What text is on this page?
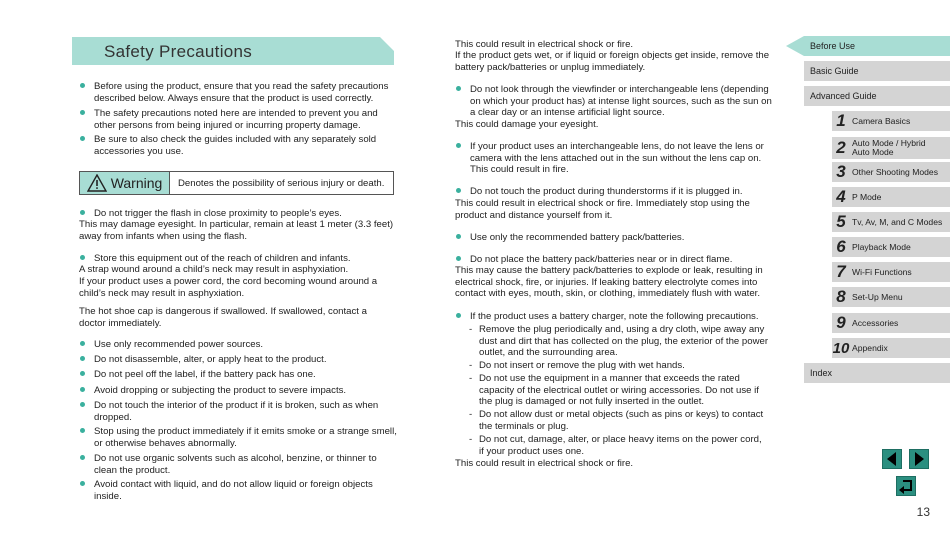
Safety Precautions
Before using the product, ensure that you read the safety precautions described below. Always ensure that the product is used correctly.
The safety precautions noted here are intended to prevent you and other persons from being injured or incurring property damage.
Be sure to also check the guides included with any separately sold accessories you use.
Warning	Denotes the possibility of serious injury or death.
Do not trigger the flash in close proximity to people’s eyes.
This may damage eyesight. In particular, remain at least 1 meter (3.3 feet) away from infants when using the flash.
Store this equipment out of the reach of children and infants.
A strap wound around a child’s neck may result in asphyxiation.
If your product uses a power cord, the cord becoming wound around a child’s neck may result in asphyxiation.
The hot shoe cap is dangerous if swallowed. If swallowed, contact a doctor immediately.
Use only recommended power sources.
Do not disassemble, alter, or apply heat to the product.
Do not peel off the label, if the battery pack has one.
Avoid dropping or subjecting the product to severe impacts.
Do not touch the interior of the product if it is broken, such as when dropped.
Stop using the product immediately if it emits smoke or a strange smell, or otherwise behaves abnormally.
Do not use organic solvents such as alcohol, benzine, or thinner to clean the product.
Avoid contact with liquid, and do not allow liquid or foreign objects inside.
This could result in electrical shock or fire.
If the product gets wet, or if liquid or foreign objects get inside, remove the battery pack/batteries or unplug immediately.
Do not look through the viewfinder or interchangeable lens (depending on which your product has) at intense light sources, such as the sun on a clear day or an intense artificial light source.
This could damage your eyesight.
If your product uses an interchangeable lens, do not leave the lens or camera with the lens attached out in the sun without the lens cap on. This could result in fire.
Do not touch the product during thunderstorms if it is plugged in.
This could result in electrical shock or fire. Immediately stop using the product and distance yourself from it.
Use only the recommended battery pack/batteries.
Do not place the battery pack/batteries near or in direct flame.
This may cause the battery pack/batteries to explode or leak, resulting in electrical shock, fire, or injuries. If leaking battery electrolyte comes into contact with eyes, mouth, skin, or clothing, immediately flush with water.
If the product uses a battery charger, note the following precautions.
- Remove the plug periodically and, using a dry cloth, wipe away any dust and dirt that has collected on the plug, the exterior of the power outlet, and the surrounding area.
- Do not insert or remove the plug with wet hands.
- Do not use the equipment in a manner that exceeds the rated capacity of the electrical outlet or wiring accessories. Do not use if the plug is damaged or not fully inserted in the outlet.
- Do not allow dust or metal objects (such as pins or keys) to contact the terminals or plug.
- Do not cut, damage, alter, or place heavy items on the power cord, if your product uses one.
This could result in electrical shock or fire.
Before Use
Basic Guide
Advanced Guide
1 Camera Basics
2 Auto Mode / Hybrid Auto Mode
3 Other Shooting Modes
4 P Mode
5 Tv, Av, M, and C Modes
6 Playback Mode
7 Wi-Fi Functions
8 Set-Up Menu
9 Accessories
10 Appendix
Index
13
